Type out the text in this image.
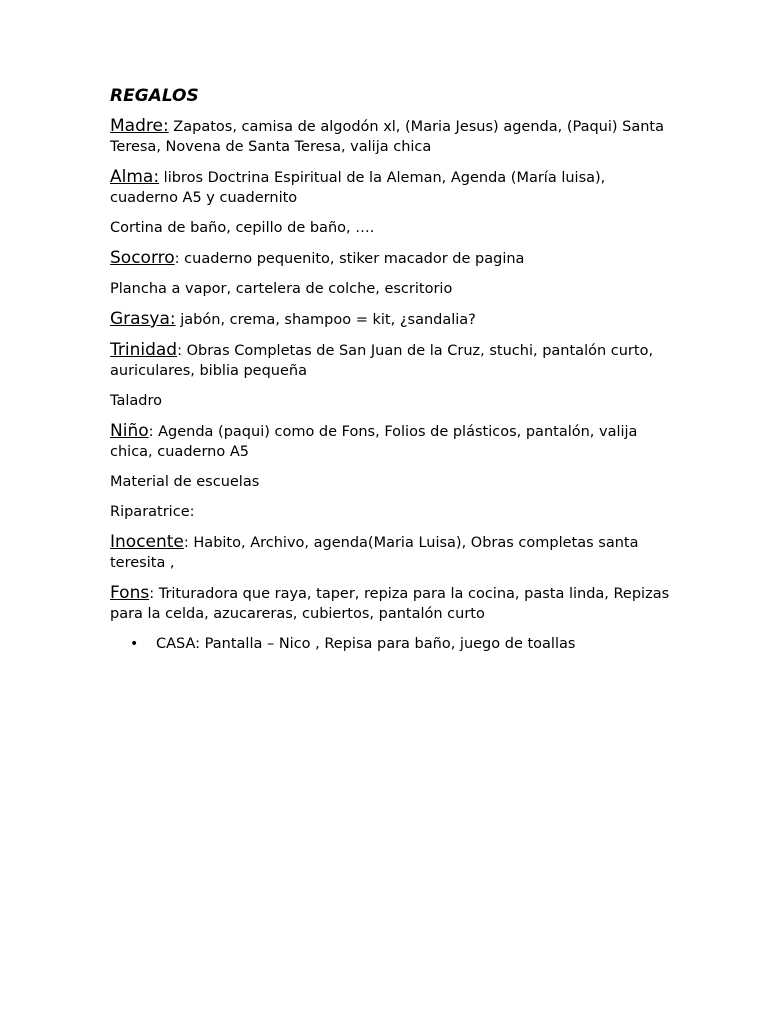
REGALOS

Madre: Zapatos, camisa de algodón xl, (Maria Jesus) agenda, (Paqui) Santa Teresa, Novena de Santa Teresa, valija chica

Alma: libros Doctrina Espiritual de la Aleman, Agenda (María luisa), cuaderno A5 y cuadernito

Cortina de baño, cepillo de baño, ….

Socorro: cuaderno pequenito, stiker macador de pagina

Plancha a vapor, cartelera de colche, escritorio

Grasya: jabón, crema, shampoo = kit, ¿sandalia?

Trinidad: Obras Completas de San Juan de la Cruz, stuchi, pantalón curto, auriculares, biblia pequeña

Taladro

Niño: Agenda (paqui) como de Fons, Folios de plásticos, pantalón, valija chica, cuaderno A5

Material de escuelas

Riparatrice:

Inocente: Habito, Archivo, agenda(Maria Luisa), Obras completas santa teresita ,

Fons: Trituradora que raya, taper, repiza para la cocina, pasta linda, Repizas para la celda, azucareras, cubiertos, pantalón curto

• CASA: Pantalla – Nico , Repisa para baño, juego de toallas
